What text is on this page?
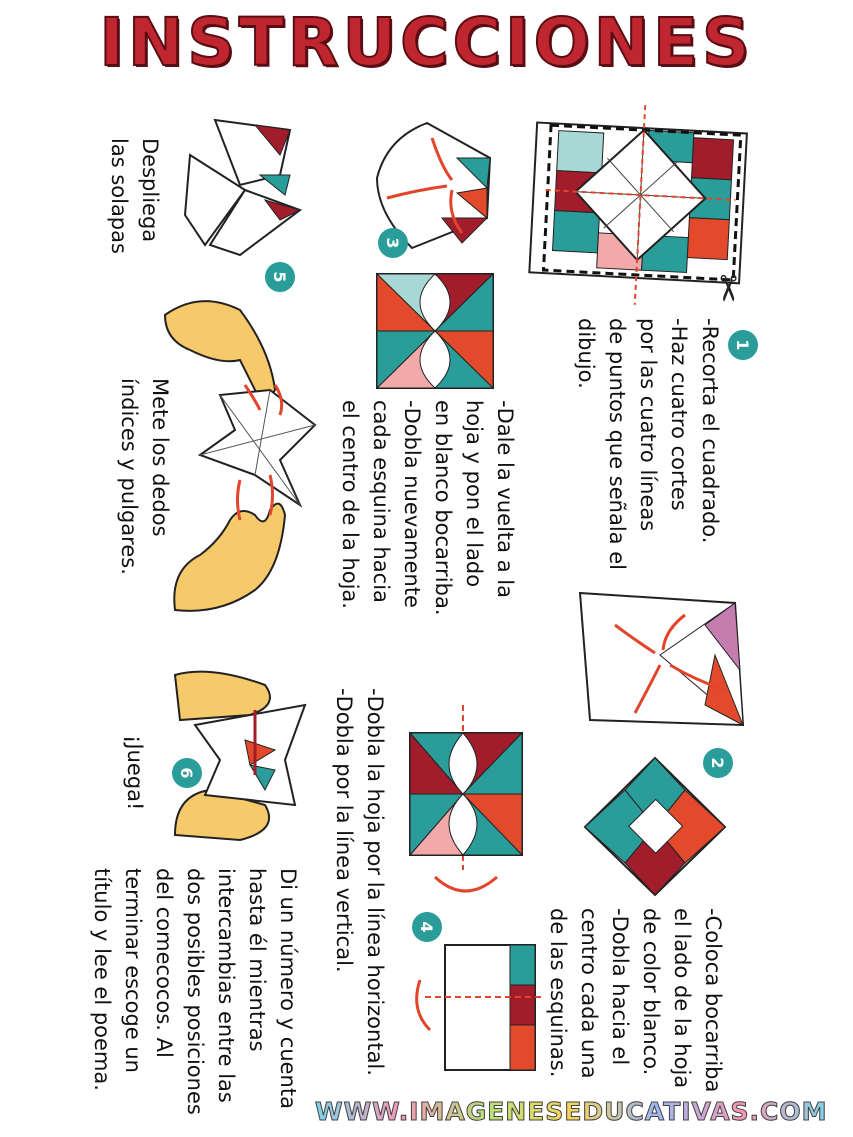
INSTRUCCIONES
✂
1
-Recorta el cuadrado.
-Haz cuatro cortes
por las cuatro líneas
de puntos que señala el
dibujo.
2
-Coloca bocarriba
el lado de la hoja
de color blanco.
-Dobla hacia el
centro cada una
de las esquinas.
3
-Dale la vuelta a la
hoja y pon el lado
en blanco bocarriba.
-Dobla nuevamente
cada esquina hacia
el centro de la hoja.
4
-Dobla la hoja por la línea horizontal.
-Dobla por la línea vertical.
5
Despliega
las solapas
Mete los dedos
índices y pulgares.
6
¡Juega!
Di un número y cuenta
hasta él mientras
intercambias entre las
dos posibles posiciones
del comecocos. Al
terminar escoge un
título y lee el poema.
WWW.IMAGENESEDUCATIVAS.COM
